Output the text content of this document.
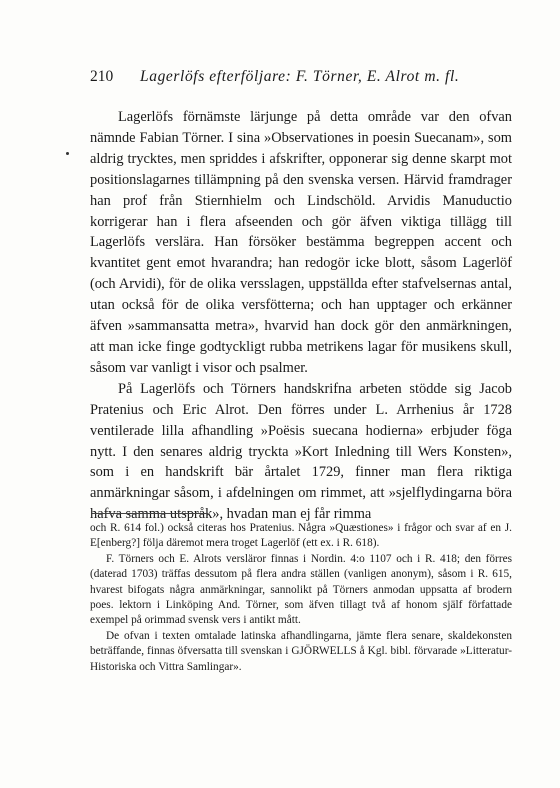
210 Lagerlöfs efterföljare: F. Törner, E. Alrot m. fl.

Lagerlöfs förnämste lärjunge på detta område var den ofvan nämnde Fabian Törner. I sina »Observationes in poesin Suecanam», som aldrig trycktes, men spriddes i afskrifter, opponerar sig denne skarpt mot positionslagarnes tillämpning på den svenska versen. Härvid framdrager han prof från Stiernhielm och Lindschöld. Arvidis Manuductio korrigerar han i flera afseenden och gör äfven viktiga tillägg till Lagerlöfs verslära. Han försöker bestämma begreppen accent och kvantitet gent emot hvarandra; han redogör icke blott, såsom Lagerlöf (och Arvidi), för de olika versslagen, uppställda efter stafvelsernas antal, utan också för de olika versfötterna; och han upptager och erkänner äfven »sammansatta metra», hvarvid han dock gör den anmärkningen, att man icke finge godtyckligt rubba metrikens lagar för musikens skull, såsom var vanligt i visor och psalmer.

På Lagerlöfs och Törners handskrifna arbeten stödde sig Jacob Pratenius och Eric Alrot. Den förres under L. Arrhenius år 1728 ventilerade lilla afhandling »Poësis suecana hodierna» erbjuder föga nytt. I den senares aldrig tryckta »Kort Inledning till Wers Konsten», som i en handskrift bär årtalet 1729, finner man flera riktiga anmärkningar såsom, i afdelningen om rimmet, att »sjelflydingarna böra hafva samma utspråk», hvadan man ej får rimma

och R. 614 fol.) också citeras hos Pratenius. Några »Quæstiones» i frågor och svar af en J. E[enberg?] följa däremot mera troget Lagerlöf (ett ex. i R. 618).

F. Törners och E. Alrots versläror finnas i Nordin. 4:o 1107 och i R. 418; den förres (daterad 1703) träffas dessutom på flera andra ställen (vanligen anonym), såsom i R. 615, hvarest bifogats några anmärkningar, sannolikt på Törners anmodan uppsatta af brodern poes. lektorn i Linköping And. Törner, som äfven tillagt två af honom själf författade exempel på orimmad svensk vers i antikt mått.

De ofvan i texten omtalade latinska afhandlingarna, jämte flera senare, skaldekonsten beträffande, finnas öfversatta till svenskan i GJÖRWELLS å Kgl. bibl. förvarade »Litteratur-Historiska och Vittra Samlingar».
